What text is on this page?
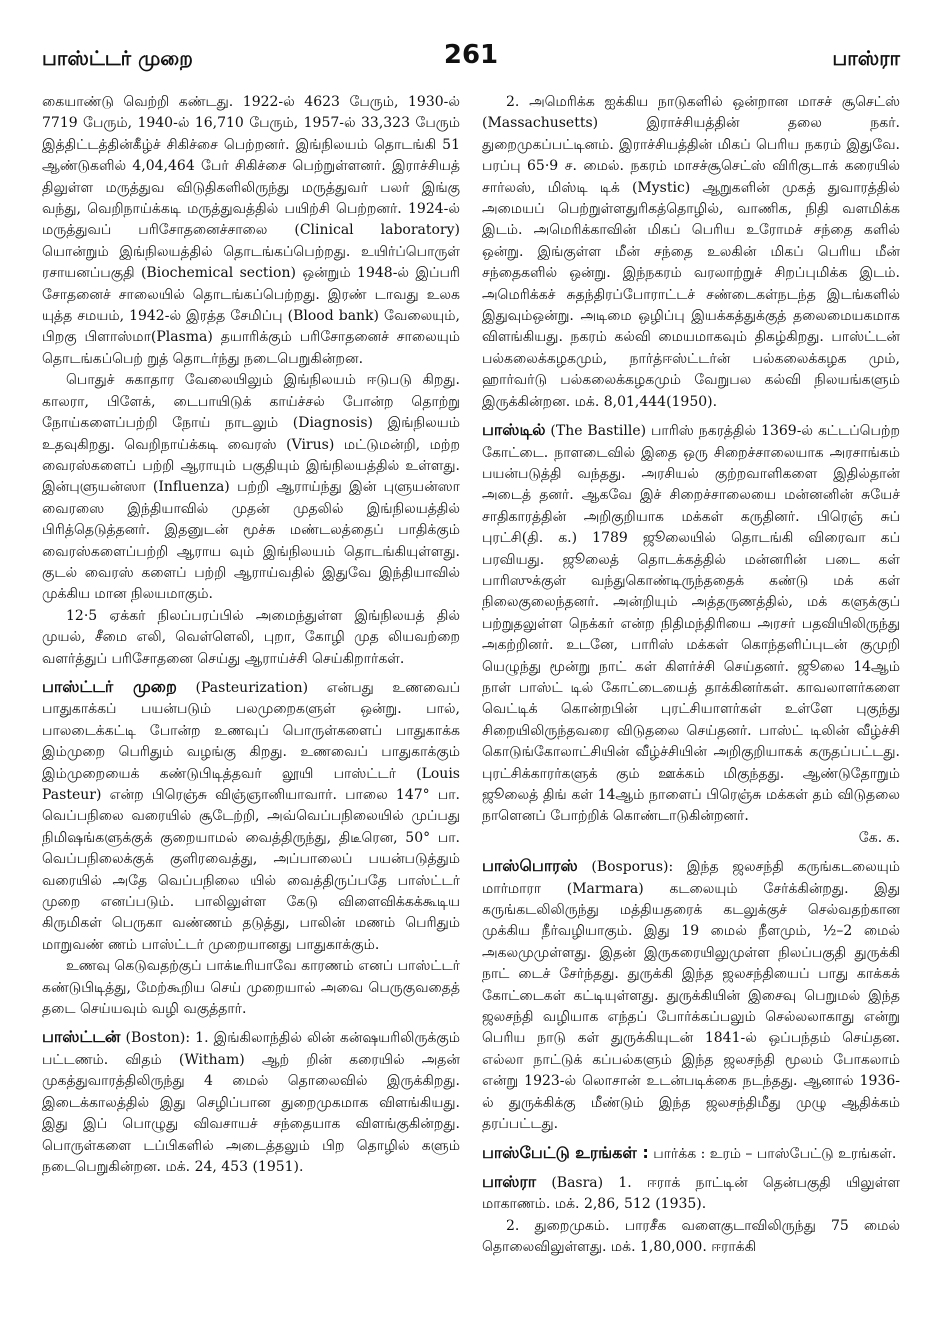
பாஸ்ட்டர் முறை	261	பாஸ்ரா

கையாண்டு வெற்றி கண்டது. 1922-ல் 4623 பேரும், 1930-ல் 7719 பேரும், 1940-ல் 16,710 பேரும், 1957-ல் 33,323 பேரும் இத்திட்டத்தின்கீழ்ச் சிகிச்சை பெற்றனர். இங்நிலயம் தொடங்கி 51 ஆண்டுகளில் 4,04,464 பேர் சிகிச்சை பெற்றுள்ளனர். இராச்சியத் திலுள்ள மருத்துவ விடுதிகளிலிருந்து மருத்துவர் பலர் இங்கு வந்து, வெறிநாய்க்கடி மருத்துவத்தில் பயிற்சி பெற்றனர். 1924-ல் மருத்துவப் பரிசோதனைச்சாலை (Clinical laboratory) யொன்றும் இங்நிலயத்தில் தொடங்கப்பெற்றது. உயிர்ப்பொருள் ரசாயனப்பகுதி (Biochemical section) ஒன்றும் 1948-ல் இப்பரி சோதனைச் சாலையில் தொடங்கப்பெற்றது. இரண் டாவது உலக யுத்த சமயம், 1942-ல் இரத்த சேமிப்பு (Blood bank) வேலையும், பிறகு பிளாஸ்மா(Plasma) தயாரிக்கும் பரிசோதனைச் சாலையும் தொடங்கப்பெற் றுத் தொடர்ந்து நடைபெறுகின்றன.

பொதுச் சுகாதார வேலையிலும் இங்நிலயம் ஈடுபடு கிறது. காலரா, பிளேக், டைபாயிடுக் காய்ச்சல் போன்ற தொற்று நோய்களைப்பற்றி நோய் நாடலும் (Diagnosis) இங்நிலயம் உதவுகிறது. வெறிநாய்க்கடி வைரஸ் (Virus) மட்டுமன்றி, மற்ற வைரஸ்களைப் பற்றி ஆராயும் பகுதியும் இங்நிலயத்தில் உள்ளது. இன்புளுயன்ஸா (Influenza) பற்றி ஆராய்ந்து இன் புளுயன்ஸா வைரஸை இந்தியாவில் முதன் முதலில் இங்நிலயத்தில் பிரித்தெடுத்தனர். இதனுடன் மூச்சு மண்டலத்தைப் பாதிக்கும் வைரஸ்களைப்பற்றி ஆராய வும் இங்நிலயம் தொடங்கியுள்ளது. குடல் வைரஸ் களைப் பற்றி ஆராய்வதில் இதுவே இந்தியாவில் முக்கிய மான நிலயமாகும்.

12·5 ஏக்கர் நிலப்பரப்பில் அமைந்துள்ள இங்நிலயத் தில் முயல், சீமை எலி, வெள்ளெலி, புறா, கோழி முத லியவற்றை வளர்த்துப் பரிசோதனை செய்து ஆராய்ச்சி செய்கிறார்கள்.

பாஸ்ட்டர் முறை (Pasteurization) என்பது உணவைப் பாதுகாக்கப் பயன்படும் பலமுறைகளுள் ஒன்று. பால், பாலடைக்கட்டி போன்ற உணவுப் பொருள்களைப் பாதுகாக்க இம்முறை பெரிதும் வழங்கு கிறது. உணவைப் பாதுகாக்கும் இம்முறையைக் கண்டுபிடித்தவர் லூயி பாஸ்ட்டர் (Louis Pasteur) என்ற பிரெஞ்சு விஞ்ஞானியாவார். பாலை 147° பா. வெப்பநிலை வரையில் சூடேற்றி, அவ்வெப்பநிலையில் முப்பது நிமிஷங்களுக்குக் குறையாமல் வைத்திருந்து, திடீரென, 50° பா. வெப்பநிலைக்குக் குளிரவைத்து, அப்பாலைப் பயன்படுத்தும் வரையில் அதே வெப்பநிலை யில் வைத்திருப்பதே பாஸ்ட்டர் முறை எனப்படும். பாலிலுள்ள கேடு விளைவிக்கக்கூடிய கிருமிகள் பெருகா வண்ணம் தடுத்து, பாலின் மணம் பெரிதும் மாறுவண் ணம் பாஸ்ட்டர் முறையானது பாதுகாக்கும்.

உணவு கெடுவதற்குப் பாக்டீரியாவே காரணம் எனப் பாஸ்ட்டர் கண்டுபிடித்து, மேற்கூறிய செய் முறையால் அவை பெருகுவதைத் தடை செய்யவும் வழி வகுத்தார்.

பாஸ்ட்டன் (Boston): 1. இங்கிலாந்தில் லின் கன்ஷயரிலிருக்கும் பட்டணம். விதம் (Witham) ஆற் றின் கரையில் அதன் முகத்துவாரத்திலிருந்து 4 மைல் தொலைவில் இருக்கிறது. இடைக்காலத்தில் இது செழிப்பான துறைமுகமாக விளங்கியது. இது இப் பொழுது விவசாயச் சந்தையாக விளங்குகின்றது. பொருள்களை டப்பிகளில் அடைத்தலும் பிற தொழில் களும் நடைபெறுகின்றன. மக். 24, 453 (1951).

2. அமெரிக்க ஐக்கிய நாடுகளில் ஒன்றான மாசச் சூசெட்ஸ் (Massachusetts) இராச்சியத்தின் தலை நகர். துறைமுகப்பட்டினம். இராச்சியத்தின் மிகப் பெரிய நகரம் இதுவே. பரப்பு 65·9 ச. மைல். நகரம் மாசச்சூசெட்ஸ் விரிகுடாக் கரையில் சார்லஸ், மிஸ்டி டிக் (Mystic) ஆறுகளின் முகத் துவாரத்தில் அமையப் பெற்றுள்ளதுரிகத்தொழில், வாணிக, நிதி வளமிக்க இடம். அமெரிக்காவின் மிகப் பெரிய உரோமச் சந்தை களில் ஒன்று. இங்குள்ள மீன் சந்தை உலகின் மிகப் பெரிய மீன் சந்தைகளில் ஒன்று. இந்நகரம் வரலாற்றுச் சிறப்புமிக்க இடம். அமெரிக்கச் சுதந்திரப்போராட்டச் சண்டைகள்நடந்த இடங்களில் இதுவும்ஒன்று. அடிமை ஒழிப்பு இயக்கத்துக்குத் தலைமையகமாக விளங்கியது. நகரம் கல்வி மையமாகவும் திகழ்கிறது. பாஸ்ட்டன் பல்கலைக்கழகமும், நார்த்ஈஸ்ட்டர்ன் பல்கலைக்கழக மும், ஹார்வர்டு பல்கலைக்கழகமும் வேறுபல கல்வி நிலயங்களும் இருக்கின்றன. மக். 8,01,444(1950).

பாஸ்டில் (The Bastille) பாரிஸ் நகரத்தில் 1369-ல் கட்டப்பெற்ற கோட்டை. நாளடைவில் இதை ஒரு சிறைச்சாலையாக அரசாங்கம் பயன்படுத்தி வந்தது. அரசியல் குற்றவாளிகளை இதில்தான் அடைத் தனர். ஆகவே இச் சிறைச்சாலையை மன்னனின் சுயேச் சாதிகாரத்தின் அறிகுறியாக மக்கள் கருதினர். பிரெஞ் சுப் புரட்சி(தி. க.) 1789 ஜூலையில் தொடங்கி விரைவா கப் பரவியது. ஜூலைத் தொடக்கத்தில் மன்னரின் படை கள் பாரிஸுக்குள் வந்துகொண்டிருந்ததைக் கண்டு மக் கள் நிலைகுலைந்தனர். அன்றியும் அத்தருணத்தில், மக் களுக்குப் பற்றுதலுள்ள நெக்கர் என்ற நிதிமந்திரியை அரசர் பதவியிலிருந்து அகற்றினர். உடனே, பாரிஸ் மக்கள் கொந்தளிப்புடன் குமுறி யெழுந்து மூன்று நாட் கள் கிளர்ச்சி செய்தனர். ஜூலை 14ஆம் நாள் பாஸ்ட் டில் கோட்டையைத் தாக்கினர்கள். காவலாளர்களை வெட்டிக் கொன்றபின் புரட்சியாளர்கள் உள்ளே புகுந்து சிறையிலிருந்தவரை விடுதலை செய்தனர். பாஸ்ட் டிலின் வீழ்ச்சி கொடுங்கோலாட்சியின் வீழ்ச்சியின் அறிகுறியாகக் கருதப்பட்டது. புரட்சிக்காரர்களுக் கும் ஊக்கம் மிகுந்தது. ஆண்டுதோறும் ஜூலைத் திங் கள் 14ஆம் நாளைப் பிரெஞ்சு மக்கள் தம் விடுதலை நாளெனப் போற்றிக் கொண்டாடுகின்றனர்.
கே. க.

பாஸ்பொரஸ் (Bosporus): இந்த ஜலசந்தி கருங்கடலையும் மார்மாரா (Marmara) கடலையும் சேர்க்கின்றது. இது கருங்கடலிலிருந்து மத்தியதரைக் கடலுக்குச் செல்வதற்கான முக்கிய நீர்வழியாகும். இது 19 மைல் நீளமும், ½–2 மைல் அகலமுமுள்ளது. இதன் இருகரையிலுமுள்ள நிலப்பகுதி துருக்கி நாட் டைச் சேர்ந்தது. துருக்கி இந்த ஜலசந்தியைப் பாது காக்கக் கோட்டைகள் கட்டியுள்ளது. துருக்கியின் இசைவு பெறுமல் இந்த ஜலசந்தி வழியாக எந்தப் போர்க்கப்பலும் செல்லலாகாது என்று பெரிய நாடு கள் துருக்கியுடன் 1841-ல் ஒப்பந்தம் செய்தன. எல்லா நாட்டுக் கப்பல்களும் இந்த ஜலசந்தி மூலம் போகலாம் என்று 1923-ல் லொசான் உடன்படிக்கை நடந்தது. ஆனால் 1936-ல் துருக்கிக்கு மீண்டும் இந்த ஜலசந்திமீது முழு ஆதிக்கம் தரப்பட்டது.

பாஸ்பேட்டு உரங்கள் : பார்க்க : உரம் – பாஸ்பேட்டு உரங்கள்.

பாஸ்ரா (Basra) 1. ஈராக் நாட்டின் தென்பகுதி யிலுள்ள மாகாணம். மக். 2,86, 512 (1935).

2. துறைமுகம். பாரசீக வளைகுடாவிலிருந்து 75 மைல் தொலைவிலுள்ளது. மக். 1,80,000. ஈராக்கி
